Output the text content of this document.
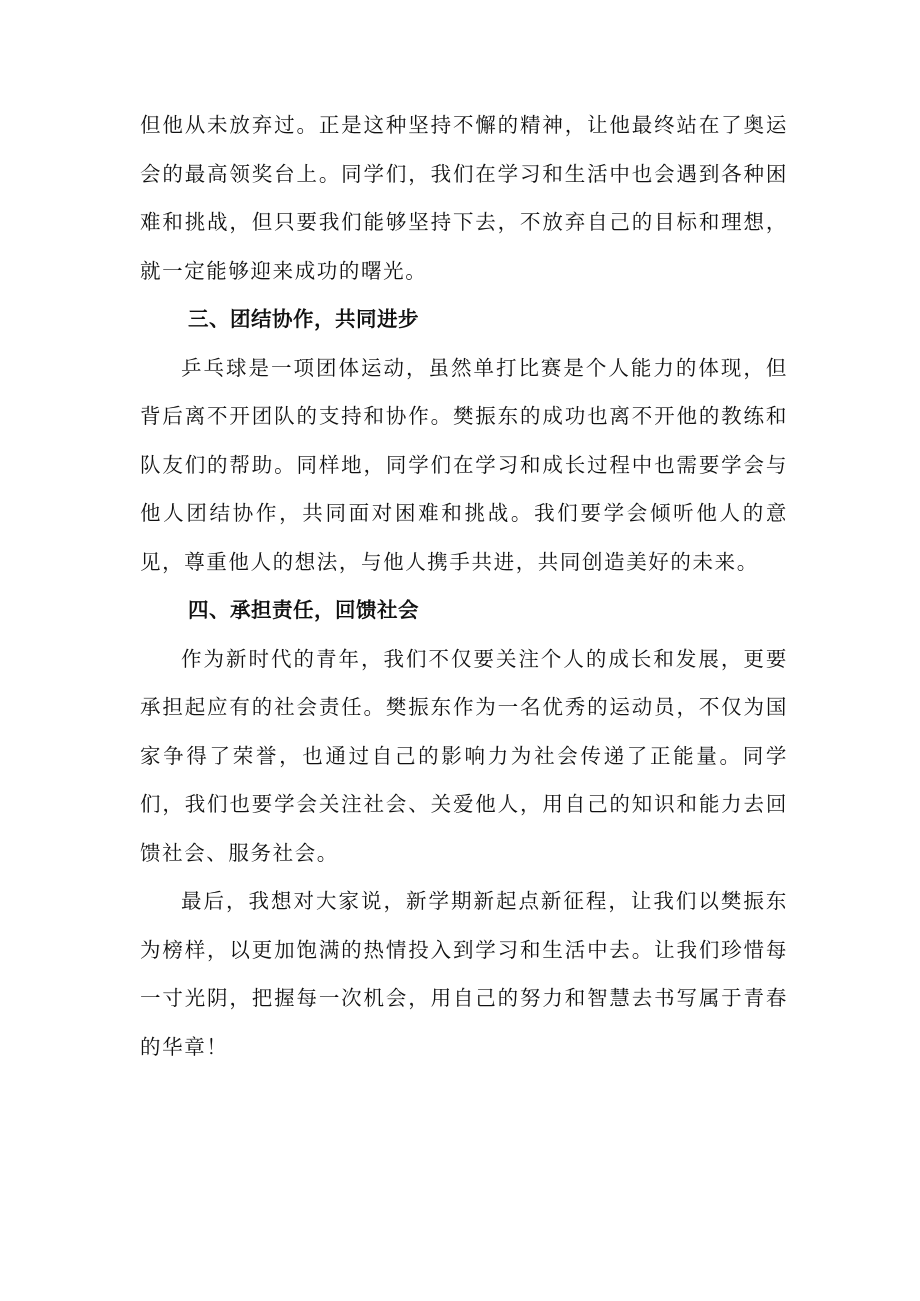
但他从未放弃过。正是这种坚持不懈的精神，让他最终站在了奥运会的最高领奖台上。同学们，我们在学习和生活中也会遇到各种困难和挑战，但只要我们能够坚持下去，不放弃自己的目标和理想，就一定能够迎来成功的曙光。

三、团结协作，共同进步

乒乓球是一项团体运动，虽然单打比赛是个人能力的体现，但背后离不开团队的支持和协作。樊振东的成功也离不开他的教练和队友们的帮助。同样地，同学们在学习和成长过程中也需要学会与他人团结协作，共同面对困难和挑战。我们要学会倾听他人的意见，尊重他人的想法，与他人携手共进，共同创造美好的未来。

四、承担责任，回馈社会

作为新时代的青年，我们不仅要关注个人的成长和发展，更要承担起应有的社会责任。樊振东作为一名优秀的运动员，不仅为国家争得了荣誉，也通过自己的影响力为社会传递了正能量。同学们，我们也要学会关注社会、关爱他人，用自己的知识和能力去回馈社会、服务社会。

最后，我想对大家说，新学期新起点新征程，让我们以樊振东为榜样，以更加饱满的热情投入到学习和生活中去。让我们珍惜每一寸光阴，把握每一次机会，用自己的努力和智慧去书写属于青春的华章！
